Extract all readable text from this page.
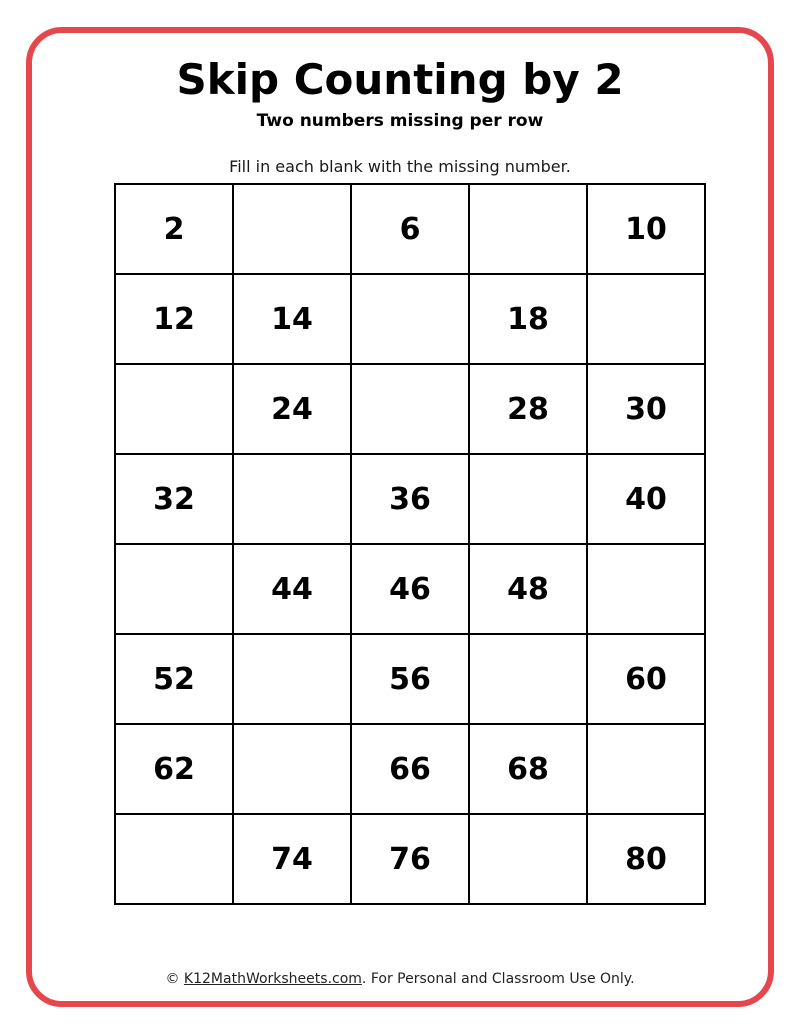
Skip Counting by 2

Two numbers missing per row

Fill in each blank with the missing number.

2		6		10
12	14		18	
	24		28	30
32		36		40
	44	46	48	
52		56		60
62		66	68	
	74	76		80

© K12MathWorksheets.com. For Personal and Classroom Use Only.
